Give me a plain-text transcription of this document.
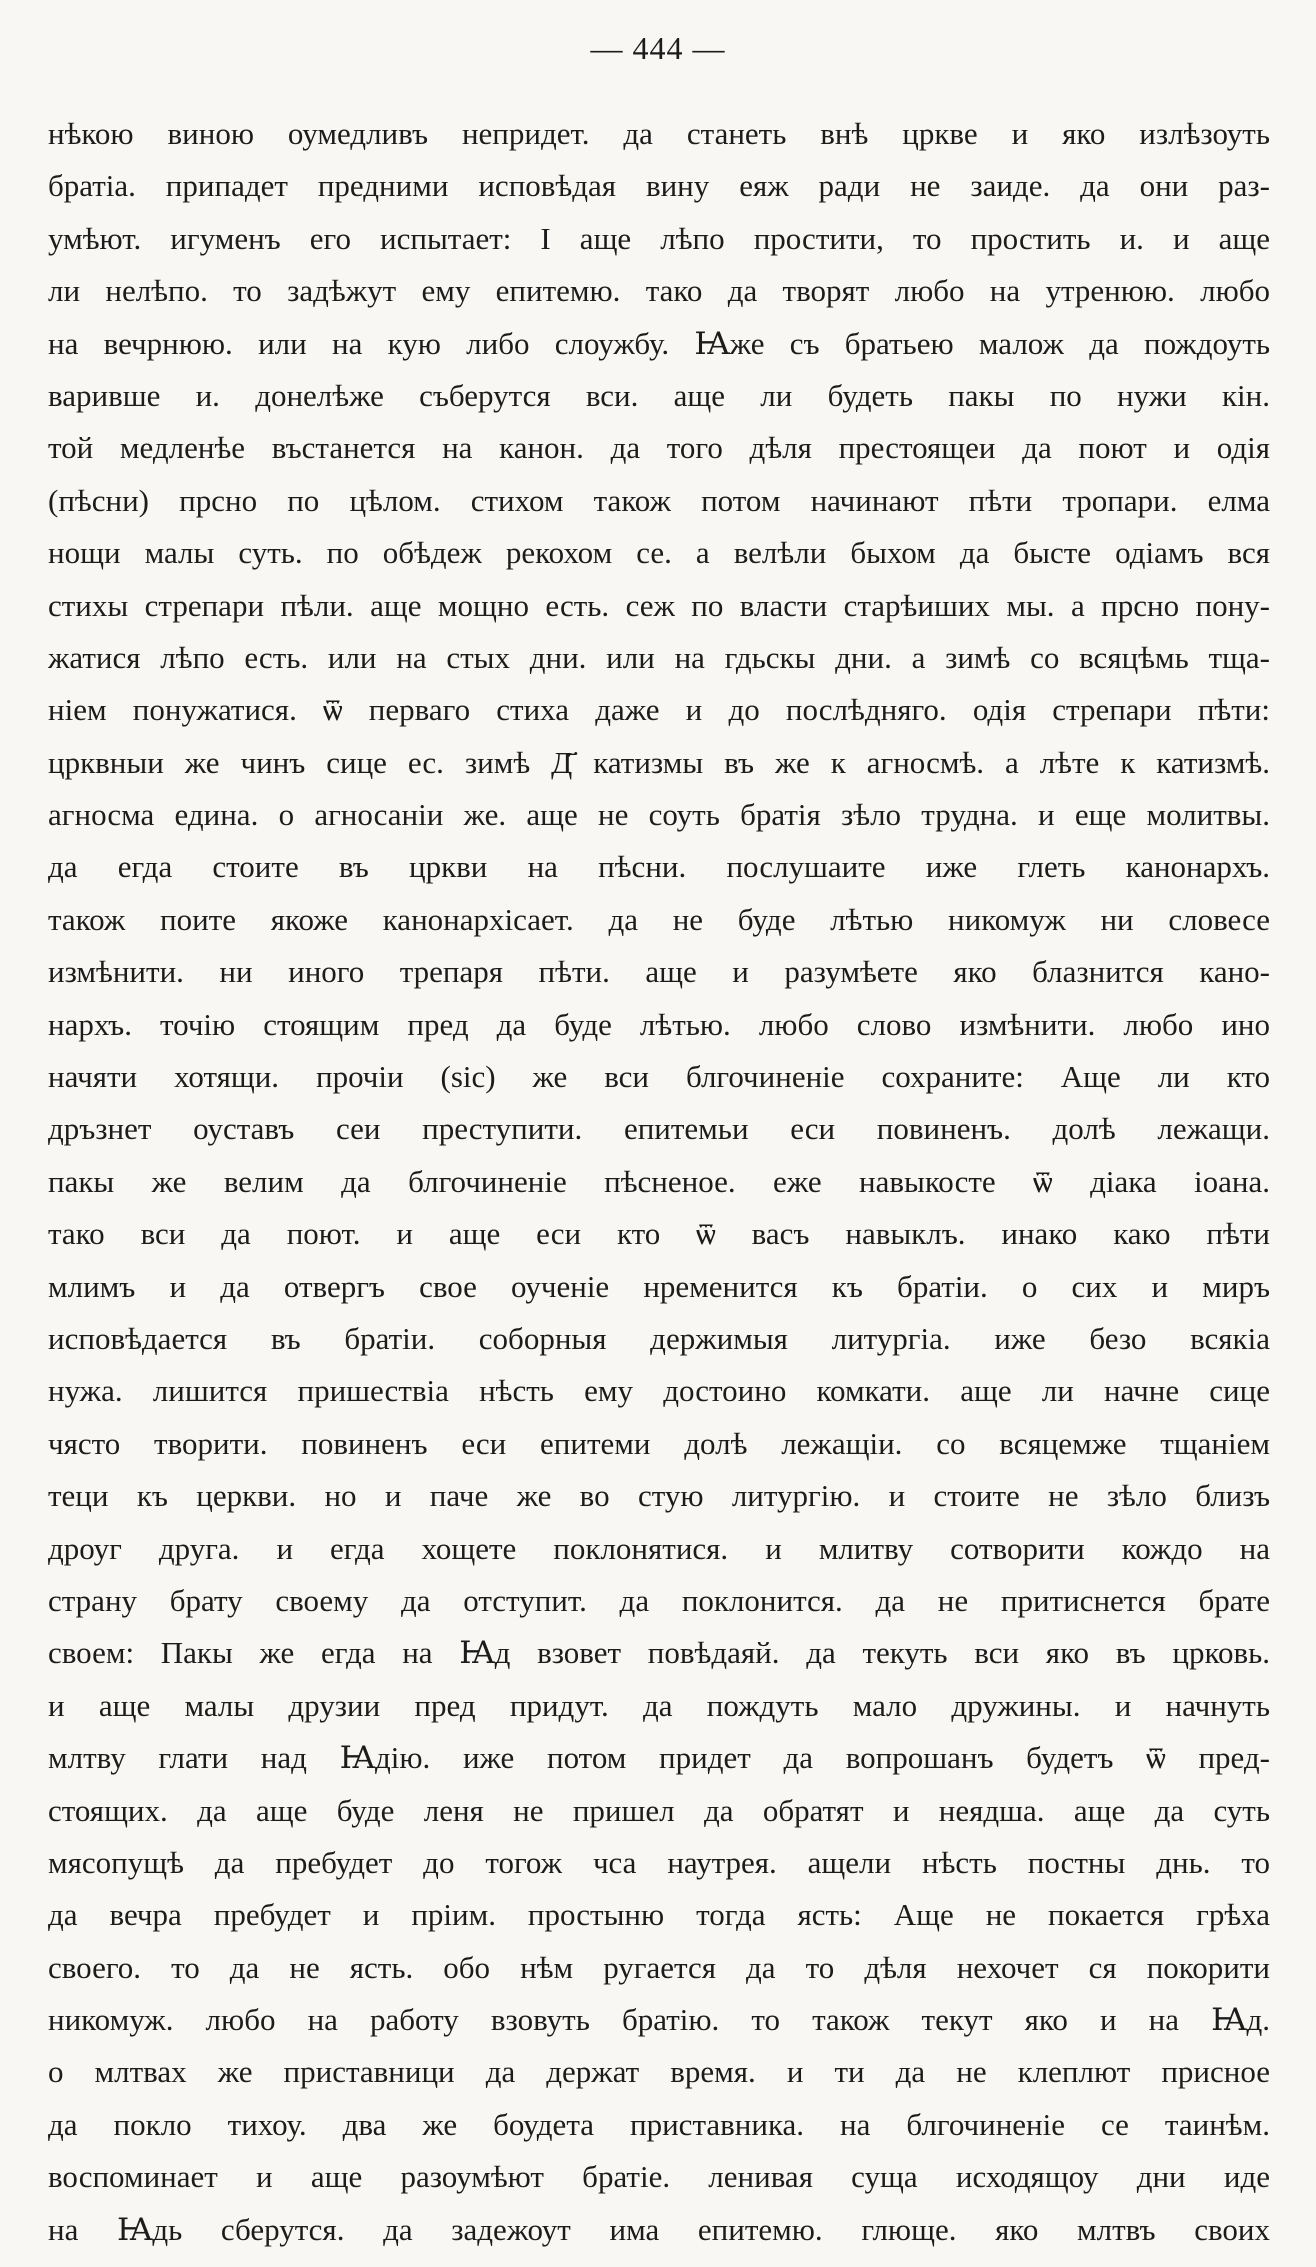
— 444 —
нѣкою виною оумедливъ непридет. да станеть внѣ цркве и яко излѣзоуть
братіа. припадет предними исповѣдая вину еяж ради не заиде. да они раз-
умѣют. игуменъ его испытает: І аще лѣпо простити, то простить и. и аще
ли нелѣпо. то задѣжут ему епитемю. тако да творят любо на утренюю. любо
на вечрнюю. или на кую либо слоужбу. Ꙗже съ братьею малож да пождоуть
варивше и. донелѣже съберутся вси. аще ли будеть пакы по нужи кін.
той медленѣе въстанется на канон. да того дѣля престоящеи да поют и одія
(пѣсни) прсно по цѣлом. стихом також потом начинают пѣти тропари. елма
нощи малы суть. по обѣдеж рекохом се. а велѣли быхом да бысте одіамъ вся
стихы стрепари пѣли. аще мощно есть. сеж по власти старѣиших мы. а прсно пону-
жатися лѣпо есть. или на стых дни. или на гдьскы дни. а зимѣ со всяцѣмь тща-
ніем понужатися. ѿ перваго стиха даже и до послѣдняго. одія стрепари пѣти:
црквныи же чинъ сице ес. зимѣ Д҃ катизмы въ же к агносмѣ. а лѣте к катизмѣ.
агносма едина. о агносаніи же. аще не соуть братія зѣло трудна. и еще молитвы.
да егда стоите въ цркви на пѣсни. послушаите иже глеть канонархъ.
також поите якоже канонархісает. да не буде лѣтью никомуж ни словесе
измѣнити. ни иного трепаря пѣти. аще и разумѣете яко блазнится кано-
нархъ. точію стоящим пред да буде лѣтью. любо слово измѣнити. любо ино
начяти хотящи. прочіи (sic) же вси блгочиненіе сохраните: Аще ли кто
дръзнет оуставъ сеи преступити. епитемьи еси повиненъ. долѣ лежащи.
пакы же велим да блгочиненіе пѣсненое. еже навыкосте ѿ діака іоана.
тако вси да поют. и аще еси кто ѿ васъ навыклъ. инако како пѣти
млимъ и да отвергъ свое оученіе нременится къ братіи. о сих и миръ
исповѣдается въ братіи. соборныя держимыя литургіа. иже безо всякіа
нужа. лишится пришествіа нѣсть ему достоино комкати. аще ли начне сице
чясто творити. повиненъ еси епитеми долѣ лежащіи. со всяцемже тщаніем
теци къ церкви. но и паче же во стую литургію. и стоите не зѣло близъ
дроуг друга. и егда хощете поклонятися. и млитву сотворити кождо на
страну брату своему да отступит. да поклонится. да не притиснется брате
своем: Пакы же егда на Ꙗд взовет повѣдаяй. да текуть вси яко въ црковь.
и аще малы друзии пред придут. да пождуть мало дружины. и начнуть
млтву глати над Ꙗдію. иже потом придет да вопрошанъ будетъ ѿ пред-
стоящих. да аще буде леня не пришел да обратят и неядша. аще да суть
мясопущѣ да пребудет до тогож чса наутрея. ащели нѣсть постны днь. то
да вечра пребудет и пріим. простыню тогда ясть: Аще не покается грѣха
своего. то да не ясть. обо нѣм ругается да то дѣля нехочет ся покорити
никомуж. любо на работу взовуть братію. то також текут яко и на Ꙗд.
о млтвах же приставници да держат время. и ти да не клеплют присное
да покло тихоу. два же боудета приставника. на блгочиненіе се таинѣм.
воспоминает и аще разоумѣют братіе. ленивая суща исходящоу дни иде
на Ꙗдь сберутся. да задежоут има епитемю. глюще. яко млтвъ своих
